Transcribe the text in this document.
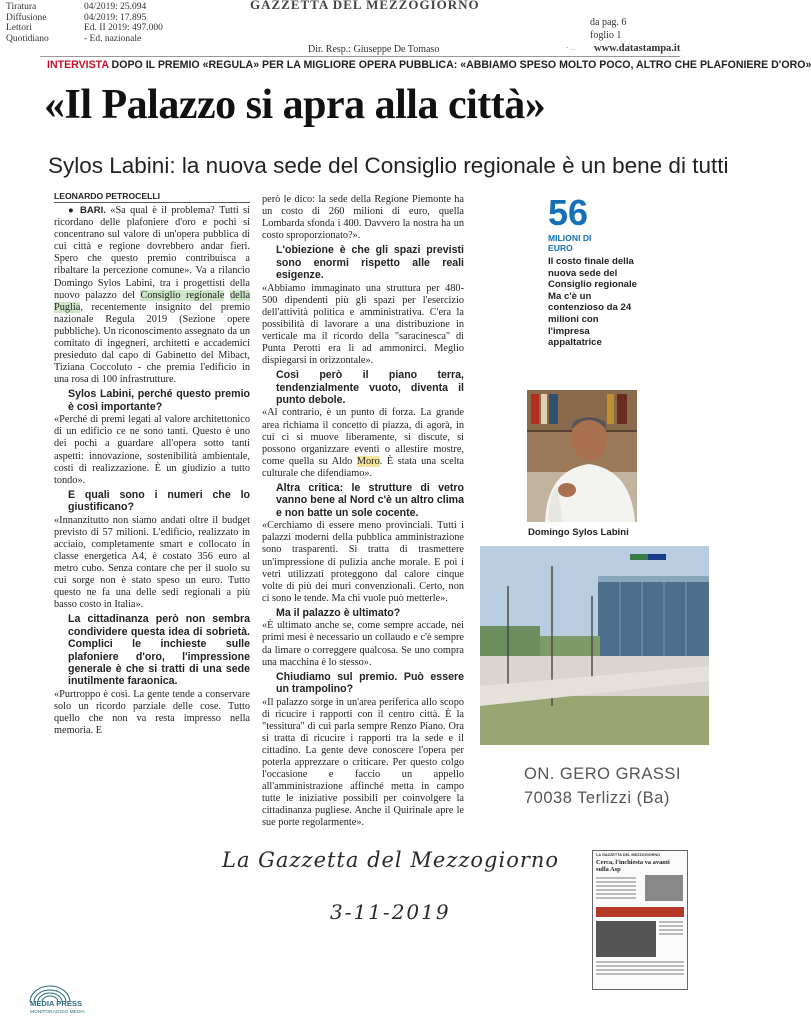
Tiratura	04/2019: 25.094
Diffusione	04/2019: 17.895
Lettori	Ed. II 2019: 497.000
Quotidiano	- Ed. nazionale
GAZZETTA DEL MEZZOGIORNO
da pag. 6
foglio 1
- .. www.datastampa.it
Dir. Resp.: Giuseppe De Tomaso
INTERVISTA DOPO IL PREMIO «REGULA» PER LA MIGLIORE OPERA PUBBLICA: «ABBIAMO SPESO MOLTO POCO, ALTRO CHE PLAFONIERE D'ORO»
«Il Palazzo si apra alla città»
Sylos Labini: la nuova sede del Consiglio regionale è un bene di tutti
LEONARDO PETROCELLI

● BARI. «Sa qual è il problema? Tutti si ricordano delle plafoniere d'oro e pochi si concentrano sul valore di un'opera pubblica di cui città e regione dovrebbero andar fieri. Spero che questo premio contribuisca a ribaltare la percezione comune». Va a rilancio Domingo Sylos Labini, tra i progettisti della nuovo palazzo del Consiglio regionale della Puglia, recentemente insignito del premio nazionale Regula 2019 (Sezione opere pubbliche). Un riconoscimento assegnato da un comitato di ingegneri, architetti e accademici presieduto dal capo di Gabinetto del Mibact, Tiziana Coccoluto - che premia l'edificio in una rosa di 100 infrastrutture.

Sylos Labini, perché questo premio è così importante?

«Perché di premi legati al valore architettonico di un edificio ce ne sono tanti. Questo è uno dei pochi a guardare all'opera sotto tanti aspetti: innovazione, sostenibilità ambientale, costi di realizzazione. È un giudizio a tutto tondo».

E quali sono i numeri che lo giustificano?

«Innanzitutto non siamo andati oltre il budget previsto di 57 milioni. L'edificio, realizzato in acciaio, completamente smart e collocato in classe energetica A4, è costato 356 euro al metro cubo. Senza contare che per il suolo su cui sorge non è stato speso un euro. Tutto questo ne fa una delle sedi regionali a più basso costo in Italia».

La cittadinanza però non sembra condividere questa idea di sobrietà. Complici le inchieste sulle plafoniere d'oro, l'impressione generale è che si tratti di una sede inutilmente faraonica.

«Purtroppo è così. La gente tende a conservare solo un ricordo parziale delle cose. Tutto quello che non va resta impresso nella memoria. E

però le dico: la sede della Regione Piemonte ha un costo di 260 milioni di euro, quella Lombarda sfonda i 400. Davvero la nostra ha un costo sproporzionato?».

L'obiezione è che gli spazi previsti sono enormi rispetto alle reali esigenze.

«Abbiamo immaginato una struttura per 480-500 dipendenti più gli spazi per l'esercizio dell'attività politica e amministrativa. C'era la possibilità di lavorare a una distribuzione in verticale ma il ricordo della "saracinesca" di Punta Perotti era lì ad ammonirci. Meglio dispiegarsi in orizzontale».

Così però il piano terra, tendenzialmente vuoto, diventa il punto debole.

«Al contrario, è un punto di forza. La grande area richiama il concetto di piazza, di agorà, in cui ci si muove liberamente, si discute, si possono organizzare eventi o allestire mostre, come quella su Aldo Moro. È stata una scelta culturale che difendiamo».

Altra critica: le strutture di vetro vanno bene al Nord c'è un altro clima e non batte un sole cocente.

«Cerchiamo di essere meno provinciali. Tutti i palazzi moderni della pubblica amministrazione sono trasparenti. Si tratta di trasmettere un'impressione di pulizia anche morale. E poi i vetri utilizzati proteggono dal calore cinque volte di più dei muri convenzionali. Certo, non ci sono le tende. Ma chi vuole può metterle».

Ma il palazzo è ultimato?

«È ultimato anche se, come sempre accade, nei primi mesi è necessario un collaudo e c'è sempre da limare o correggere qualcosa. Se uno compra una macchina è lo stesso».

Chiudiamo sul premio. Può essere un trampolino?

«Il palazzo sorge in un'area periferica allo scopo di ricucire i rapporti con il centro città. È la "tessitura" di cui parla sempre Renzo Piano. Ora si tratta di ricucire i rapporti tra la sede e il cittadino. La gente deve conoscere l'opera per poterla apprezzare o criticare. Per questo colgo l'occasione e faccio un appello all'amministrazione affinché metta in campo tutte le iniziative possibili per coinvolgere la cittadinanza pugliese. Anche il Quirinale apre le sue porte regolarmente».

56
MILIONI DI EURO
Il costo finale della nuova sede del Consiglio regionale Ma c'è un contenzioso da 24 milioni con l'impresa appaltatrice
Domingo Sylos Labini
ON. GERO GRASSI
70038 Terlizzi (Ba)
La Gazzetta del Mezzogiorno
3-11-2019
LA GAZZETTA DEL MEZZOGIORNO
Cerca, l'inchiesta va avanti sulla Asp
MEDIA PRESS
MONITORAGGIO MEDIA
